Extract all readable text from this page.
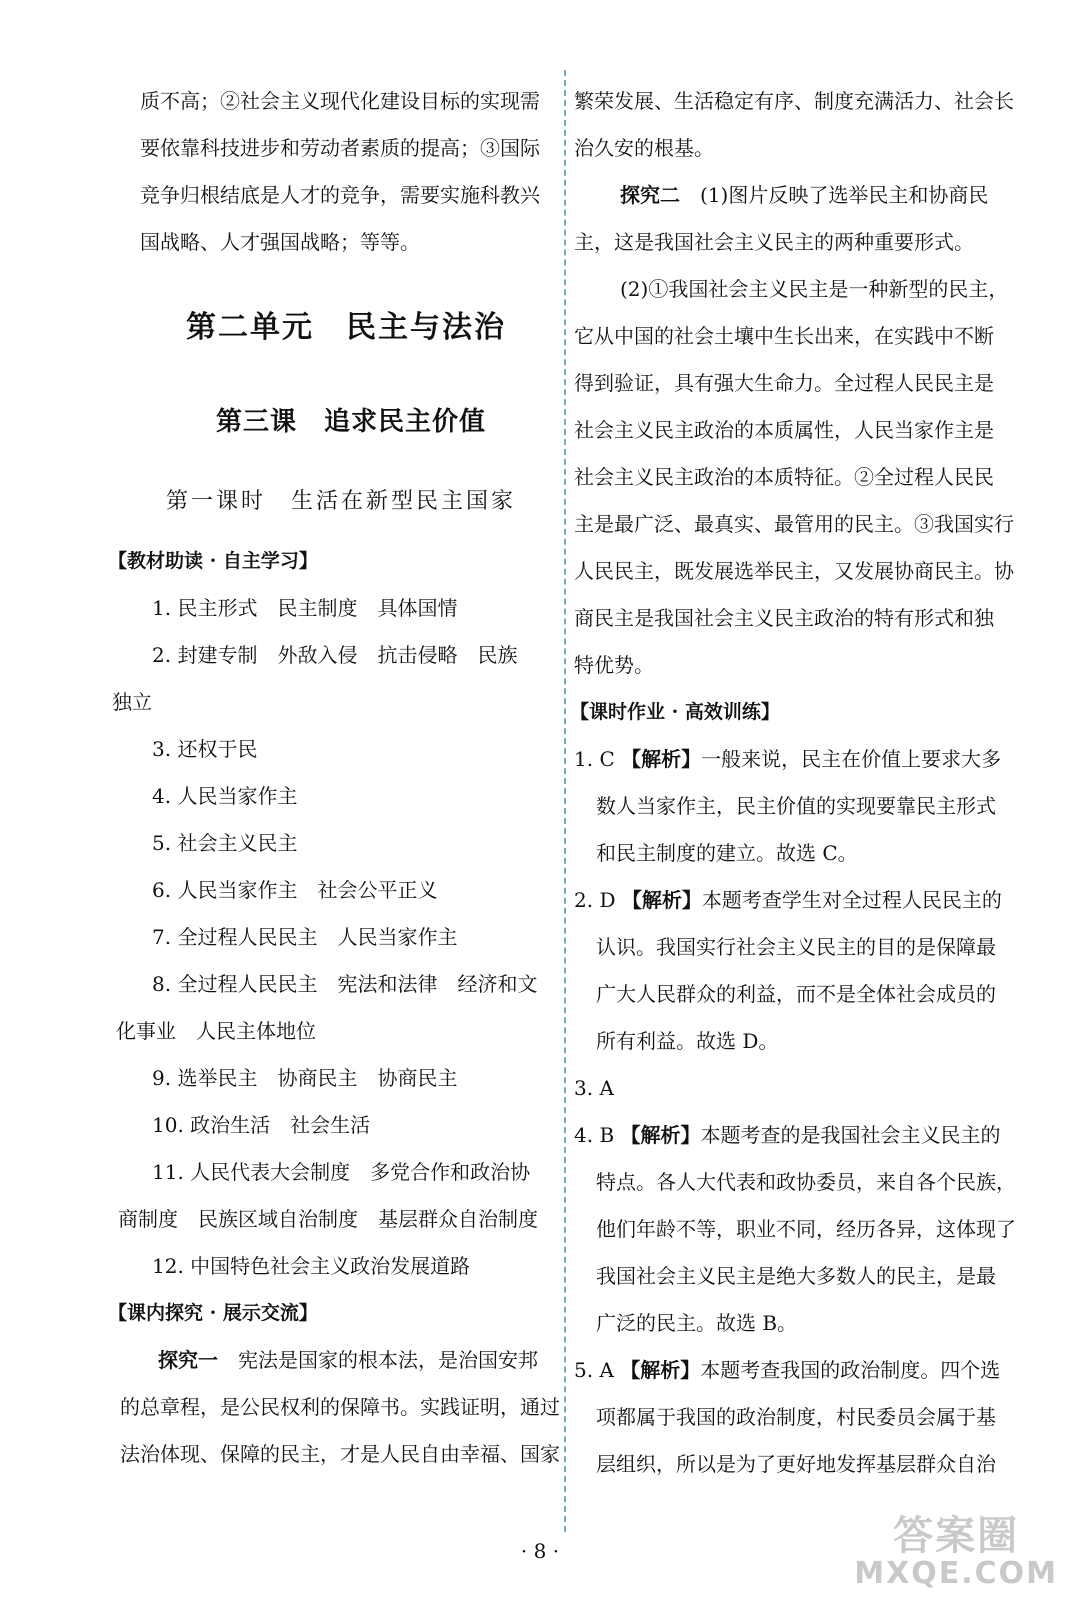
质不高；②社会主义现代化建设目标的实现需

要依靠科技进步和劳动者素质的提高；③国际

竞争归根结底是人才的竞争，需要实施科教兴

国战略、人才强国战略；等等。

第二单元　民主与法治
第三课　追求民主价值
第一课时　生活在新型民主国家
【教材助读 · 自主学习】

1. 民主形式　民主制度　具体国情

2. 封建专制　外敌入侵　抗击侵略　民族

独立

3. 还权于民

4. 人民当家作主

5. 社会主义民主

6. 人民当家作主　社会公平正义

7. 全过程人民民主　人民当家作主

8. 全过程人民民主　宪法和法律　经济和文

化事业　人民主体地位

9. 选举民主　协商民主　协商民主

10. 政治生活　社会生活

11. 人民代表大会制度　多党合作和政治协

商制度　民族区域自治制度　基层群众自治制度

12. 中国特色社会主义政治发展道路

【课内探究 · 展示交流】

探究一　宪法是国家的根本法，是治国安邦

的总章程，是公民权利的保障书。实践证明，通过

法治体现、保障的民主，才是人民自由幸福、国家

繁荣发展、生活稳定有序、制度充满活力、社会长

治久安的根基。

探究二　(1)图片反映了选举民主和协商民

主，这是我国社会主义民主的两种重要形式。

(2)①我国社会主义民主是一种新型的民主，

它从中国的社会土壤中生长出来，在实践中不断

得到验证，具有强大生命力。全过程人民民主是

社会主义民主政治的本质属性，人民当家作主是

社会主义民主政治的本质特征。②全过程人民民

主是最广泛、最真实、最管用的民主。③我国实行

人民民主，既发展选举民主，又发展协商民主。协

商民主是我国社会主义民主政治的特有形式和独

特优势。

【课时作业 · 高效训练】

1. C 【解析】一般来说，民主在价值上要求大多

数人当家作主，民主价值的实现要靠民主形式

和民主制度的建立。故选 C。

2. D 【解析】本题考查学生对全过程人民民主的

认识。我国实行社会主义民主的目的是保障最

广大人民群众的利益，而不是全体社会成员的

所有利益。故选 D。

3. A

4. B 【解析】本题考查的是我国社会主义民主的

特点。各人大代表和政协委员，来自各个民族，

他们年龄不等，职业不同，经历各异，这体现了

我国社会主义民主是绝大多数人的民主，是最

广泛的民主。故选 B。

5. A 【解析】本题考查我国的政治制度。四个选

项都属于我国的政治制度，村民委员会属于基

层组织，所以是为了更好地发挥基层群众自治

· 8 ·	答案圈
MXQE.COM
